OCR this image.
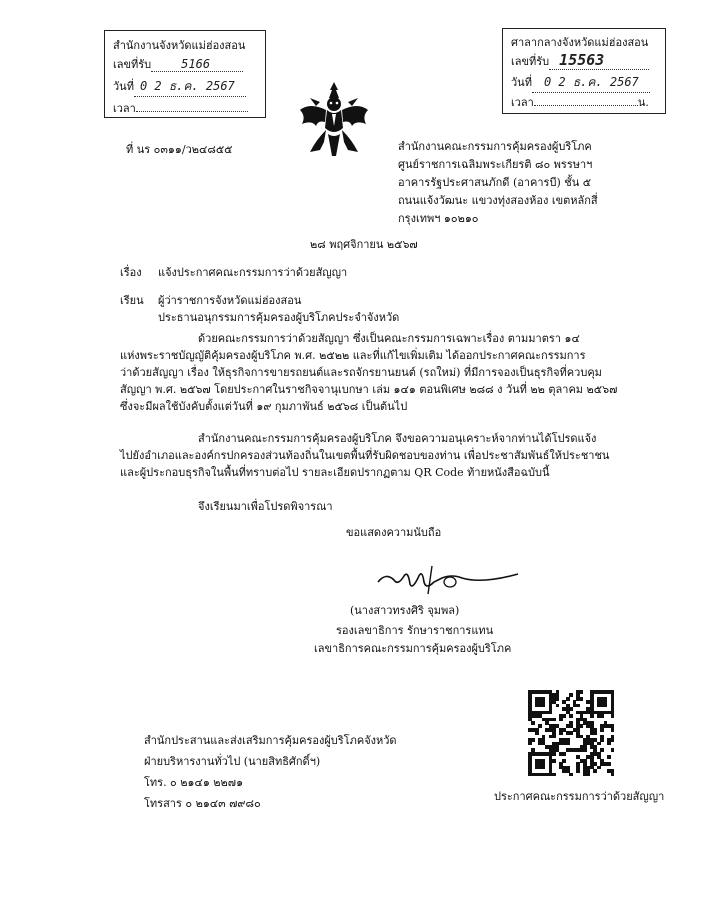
สำนักงานจังหวัดแม่ฮ่องสอน
เลขที่รับ	5166
วันที่ 0 2 ธ.ค. 2567
เวลา
ศาลากลางจังหวัดแม่ฮ่องสอน
เลขที่รับ 15563
วันที่ 0 2 ธ.ค. 2567
เวลา	น.
ที่ นร ๐๓๑๑/ว๒๔๘๕๕	สำนักงานคณะกรรมการคุ้มครองผู้บริโภค
ศูนย์ราชการเฉลิมพระเกียรติ ๘๐ พรรษาฯ
อาคารรัฐประศาสนภักดี (อาคารบี) ชั้น ๕
ถนนแจ้งวัฒนะ แขวงทุ่งสองห้อง เขตหลักสี่
กรุงเทพฯ ๑๐๒๑๐
๒๘ พฤศจิกายน ๒๕๖๗
เรื่อง แจ้งประกาศคณะกรรมการว่าด้วยสัญญา
เรียน ผู้ว่าราชการจังหวัดแม่ฮ่องสอน
ประธานอนุกรรมการคุ้มครองผู้บริโภคประจำจังหวัด
ด้วยคณะกรรมการว่าด้วยสัญญา ซึ่งเป็นคณะกรรมการเฉพาะเรื่อง ตามมาตรา ๑๔
แห่งพระราชบัญญัติคุ้มครองผู้บริโภค พ.ศ. ๒๕๒๒ และที่แก้ไขเพิ่มเติม ได้ออกประกาศคณะกรรมการ
ว่าด้วยสัญญา เรื่อง ให้ธุรกิจการขายรถยนต์และรถจักรยานยนต์ (รถใหม่) ที่มีการจองเป็นธุรกิจที่ควบคุม
สัญญา พ.ศ. ๒๕๖๗ โดยประกาศในราชกิจจานุเบกษา เล่ม ๑๔๑ ตอนพิเศษ ๒๘๘ ง วันที่ ๒๒ ตุลาคม ๒๕๖๗
ซึ่งจะมีผลใช้บังคับตั้งแต่วันที่ ๑๙ กุมภาพันธ์ ๒๕๖๘ เป็นต้นไป
สำนักงานคณะกรรมการคุ้มครองผู้บริโภค จึงขอความอนุเคราะห์จากท่านได้โปรดแจ้ง
ไปยังอำเภอและองค์กรปกครองส่วนท้องถิ่นในเขตพื้นที่รับผิดชอบของท่าน เพื่อประชาสัมพันธ์ให้ประชาชน
และผู้ประกอบธุรกิจในพื้นที่ทราบต่อไป รายละเอียดปรากฏตาม QR Code ท้ายหนังสือฉบับนี้
จึงเรียนมาเพื่อโปรดพิจารณา
ขอแสดงความนับถือ
(นางสาวทรงศิริ จุมพล)
รองเลขาธิการ รักษาราชการแทน
เลขาธิการคณะกรรมการคุ้มครองผู้บริโภค
ประกาศคณะกรรมการว่าด้วยสัญญา
สำนักประสานและส่งเสริมการคุ้มครองผู้บริโภคจังหวัด
ฝ่ายบริหารงานทั่วไป (นายสิทธิศักดิ์ฯ)
โทร. ๐ ๒๑๔๑ ๒๒๗๑
โทรสาร ๐ ๒๑๔๓ ๗๙๘๐
